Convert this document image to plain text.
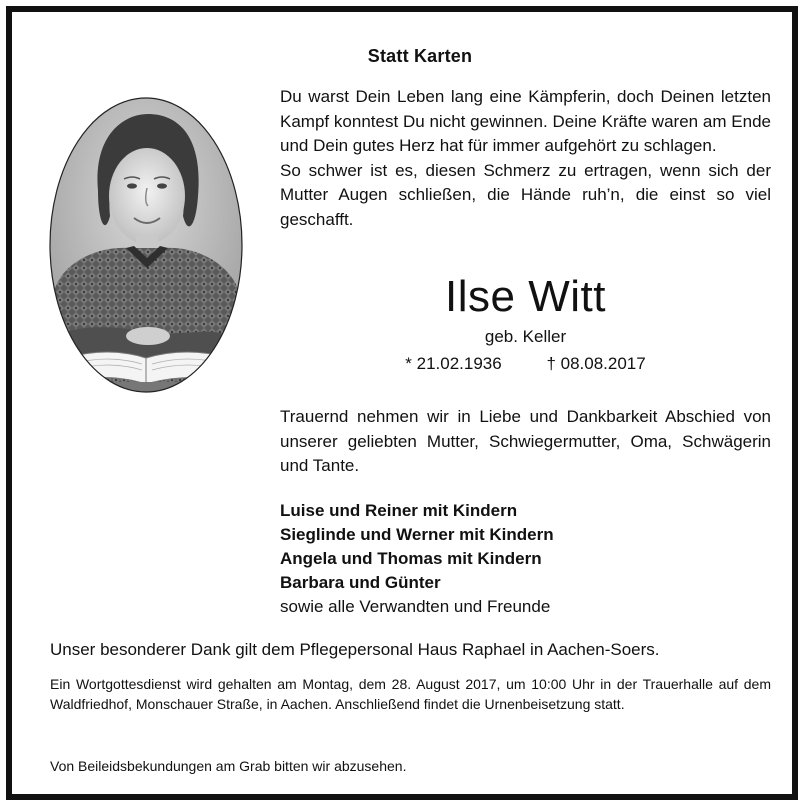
Statt Karten

Du warst Dein Leben lang eine Kämpferin, doch Deinen letzten Kampf konntest Du nicht gewinnen. Deine Kräfte waren am Ende und Dein gutes Herz hat für immer aufgehört zu schlagen.

So schwer ist es, diesen Schmerz zu ertragen, wenn sich der Mutter Augen schließen, die Hände ruh’n, die einst so viel geschafft.

Ilse Witt
geb. Keller
* 21.02.1936	† 08.08.2017

Trauernd nehmen wir in Liebe und Dankbarkeit Abschied von unserer geliebten Mutter, Schwiegermutter, Oma, Schwägerin und Tante.

Luise und Reiner mit Kindern
Sieglinde und Werner mit Kindern
Angela und Thomas mit Kindern
Barbara und Günter
sowie alle Verwandten und Freunde
Unser besonderer Dank gilt dem Pflegepersonal Haus Raphael in Aachen-Soers.

Ein Wortgottesdienst wird gehalten am Montag, dem 28. August 2017, um 10:00 Uhr in der Trauerhalle auf dem Waldfriedhof, Monschauer Straße, in Aachen. Anschließend findet die Urnenbeisetzung statt.

Von Beileidsbekundungen am Grab bitten wir abzusehen.
